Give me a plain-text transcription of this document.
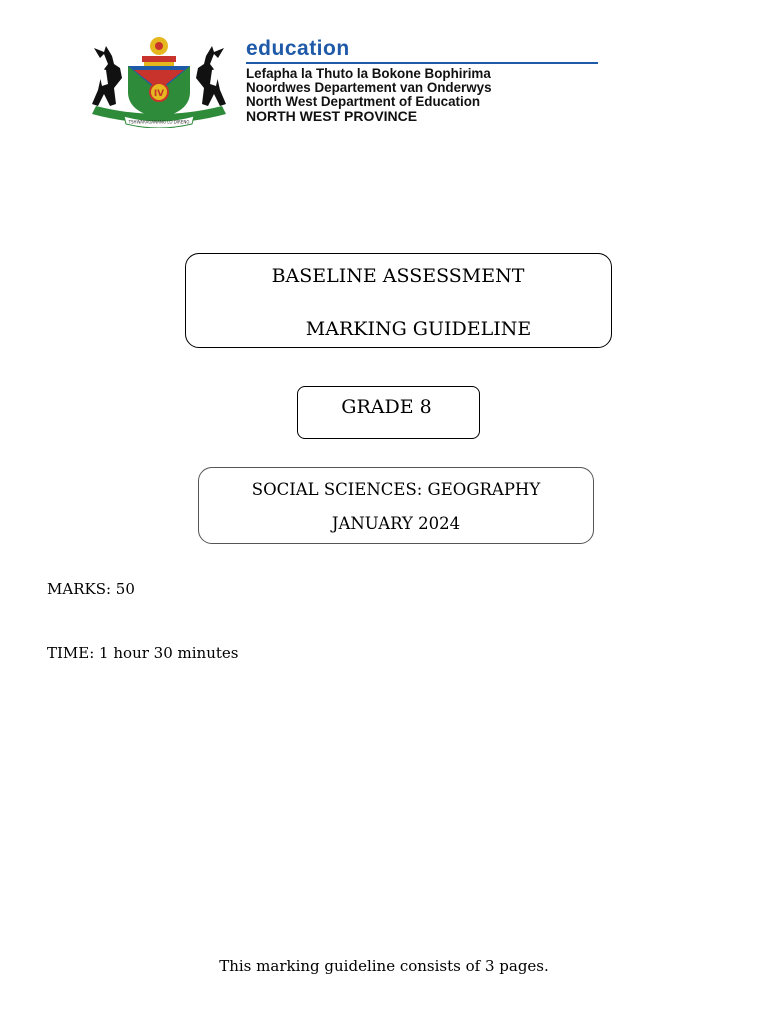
IV
TSHWARAGANANG LO DIRENG
education
Lefapha la Thuto la Bokone Bophirima
Noordwes Departement van Onderwys
North West Department of Education
NORTH WEST PROVINCE
BASELINE ASSESSMENT
MARKING GUIDELINE
GRADE 8
SOCIAL SCIENCES: GEOGRAPHY
JANUARY 2024
MARKS: 50
TIME: 1 hour 30 minutes
This marking guideline consists of 3 pages.
